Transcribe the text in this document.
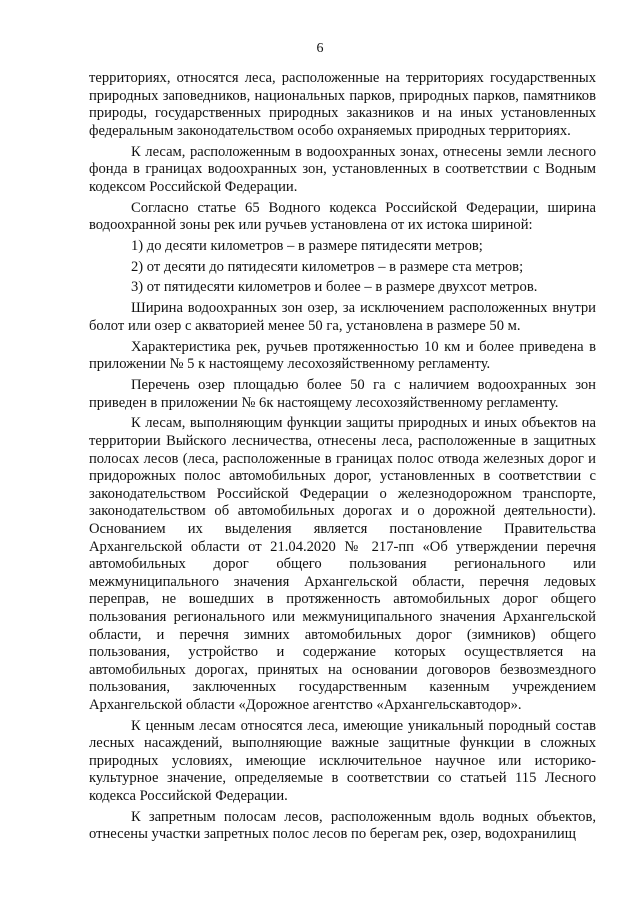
6

территориях, относятся леса, расположенные на территориях государственных природных заповедников, национальных парков, природных парков, памятников природы, государственных природных заказников и на иных установленных федеральным законодательством особо охраняемых природных территориях.

К лесам, расположенным в водоохранных зонах, отнесены земли лесного фонда в границах водоохранных зон, установленных в соответствии с Водным кодексом Российской Федерации.

Согласно статье 65 Водного кодекса Российской Федерации, ширина водоохранной зоны рек или ручьев установлена от их истока шириной:

1) до десяти километров – в размере пятидесяти метров;

2) от десяти до пятидесяти километров – в размере ста метров;

3) от пятидесяти километров и более – в размере двухсот метров.

Ширина водоохранных зон озер, за исключением расположенных внутри болот или озер с акваторией менее 50 га, установлена в размере 50 м.

Характеристика рек, ручьев протяженностью 10 км и более приведена в приложении № 5 к настоящему лесохозяйственному регламенту.

Перечень озер площадью более 50 га с наличием водоохранных зон приведен в приложении № 6к настоящему лесохозяйственному регламенту.

К лесам, выполняющим функции защиты природных и иных объектов на территории Выйского лесничества, отнесены леса, расположенные в защитных полосах лесов (леса, расположенные в границах полос отвода железных дорог и придорожных полос автомобильных дорог, установленных в соответствии с законодательством Российской Федерации о железнодорожном транспорте, законодательством об автомобильных дорогах и о дорожной деятельности). Основанием их выделения является постановление Правительства Архангельской области от 21.04.2020 № 217-пп «Об утверждении перечня автомобильных дорог общего пользования регионального или межмуниципального значения Архангельской области, перечня ледовых переправ, не вошедших в протяженность автомобильных дорог общего пользования регионального или межмуниципального значения Архангельской области, и перечня зимних автомобильных дорог (зимников) общего пользования, устройство и содержание которых осуществляется на автомобильных дорогах, принятых на основании договоров безвозмездного пользования, заключенных государственным казенным учреждением Архангельской области «Дорожное агентство «Архангельскавтодор».

К ценным лесам относятся леса, имеющие уникальный породный состав лесных насаждений, выполняющие важные защитные функции в сложных природных условиях, имеющие исключительное научное или историко-культурное значение, определяемые в соответствии со статьей 115 Лесного кодекса Российской Федерации.

К запретным полосам лесов, расположенным вдоль водных объектов, отнесены участки запретных полос лесов по берегам рек, озер, водохранилищ
